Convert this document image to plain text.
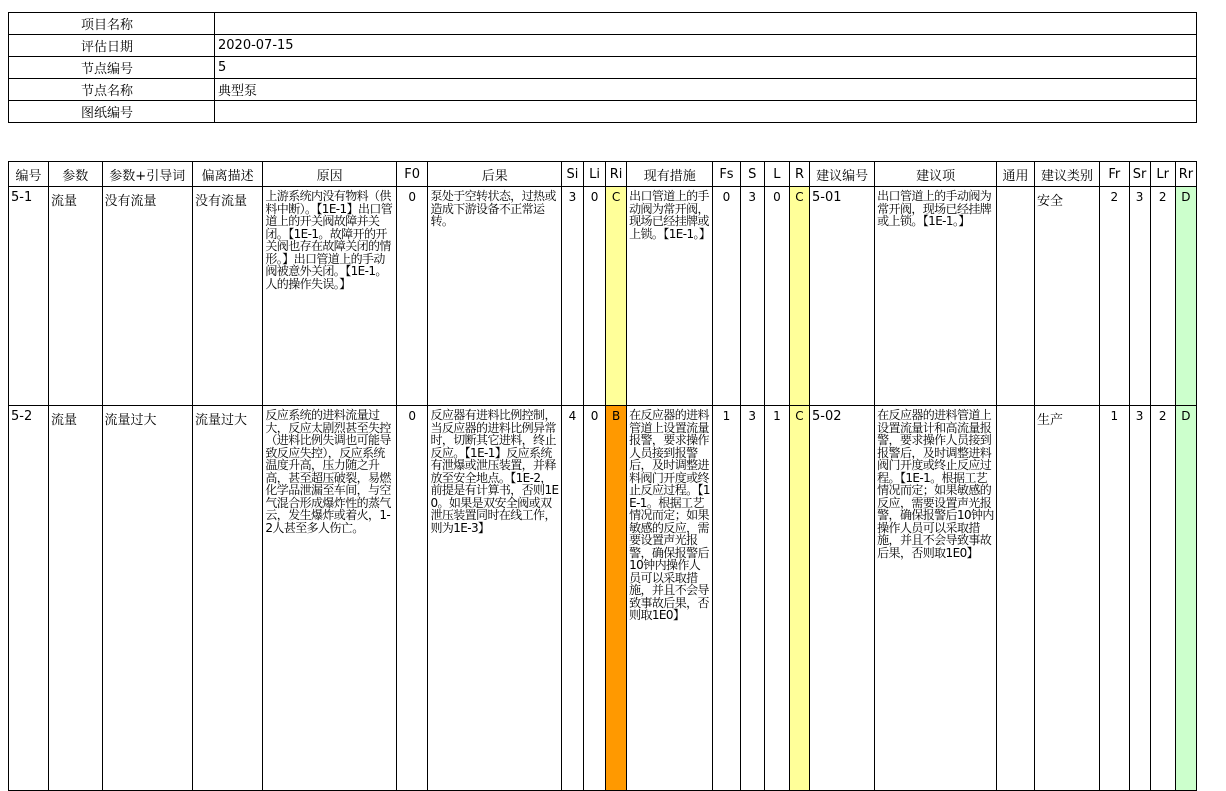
项目名称	
评估日期	2020-07-15
节点编号	5
节点名称	典型泵
图纸编号	
编号	参数	参数+引导词	偏离描述	原因	F0	后果	Si	Li	Ri	现有措施	Fs	S	L	R	建议编号	建议项	通用	建议类别	Fr	Sr	Lr	Rr
5-1	流量	没有流量	没有流量	上游系统内没有物料（供料中断）。【1E-1】出口管道上的开关阀故障并关闭。【1E-1。故障开的开关阀也存在故障关闭的情形。】出口管道上的手动阀被意外关闭。【1E-1。人的操作失误。】	0	泵处于空转状态，过热或造成下游设备不正常运转。	3	0	C	出口管道上的手动阀为常开阀，现场已经挂牌或上锁。【1E-1。】	0	3	0	C	5-01	出口管道上的手动阀为常开阀，现场已经挂牌或上锁。【1E-1。】		安全	2	3	2	D
5-2	流量	流量过大	流量过大	反应系统的进料流量过大，反应太剧烈甚至失控（进料比例失调也可能导致反应失控），反应系统温度升高，压力随之升高，甚至超压破裂，易燃化学品泄漏至车间，与空气混合形成爆炸性的蒸气云，发生爆炸或着火，1-2人甚至多人伤亡。	0	反应器有进料比例控制，当反应器的进料比例异常时，切断其它进料，终止反应。【1E-1】反应系统有泄爆或泄压装置，并释放至安全地点。【1E-2，前提是有计算书，否则1E0。如果是双安全阀或双泄压装置同时在线工作，则为1E-3】	4	0	B	在反应器的进料管道上设置流量报警，要求操作人员接到报警后，及时调整进料阀门开度或终止反应过程。【1E-1。根据工艺情况而定；如果敏感的反应，需要设置声光报警，确保报警后10钟内操作人员可以采取措施，并且不会导致事故后果，否则取1E0】	1	3	1	C	5-02	在反应器的进料管道上设置流量计和高流量报警，要求操作人员接到报警后，及时调整进料阀门开度或终止反应过程。【1E-1。根据工艺情况而定；如果敏感的反应，需要设置声光报警，确保报警后10钟内操作人员可以采取措施，并且不会导致事故后果，否则取1E0】		生产	1	3	2	D
